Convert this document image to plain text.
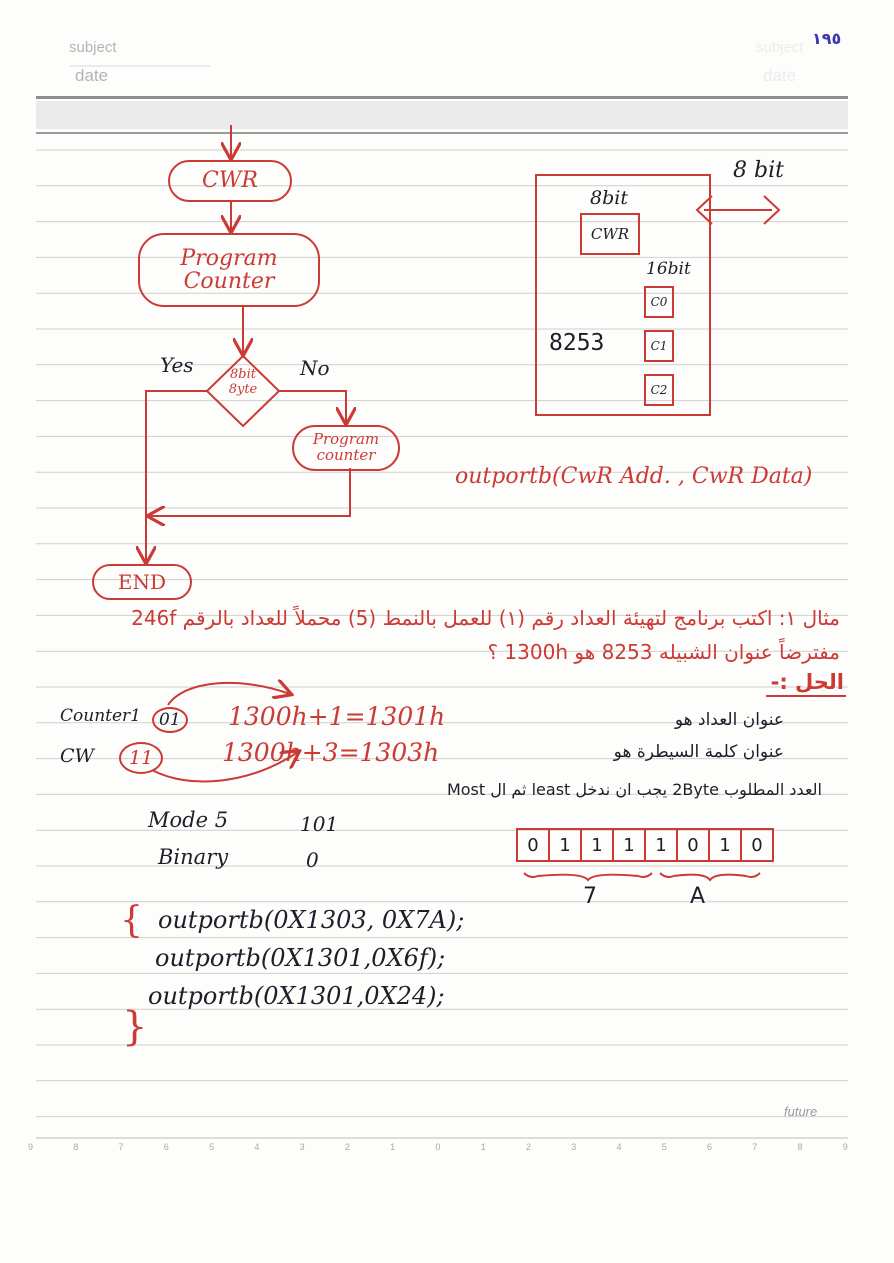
subject
date
subject
date
١٩٥
CWR
Program
Counter
8bit
8yte
Yes	No
Program
counter
END
8 bit
8bit
CWR
16bit
C0
8253	C1
C2
outportb(CwR Add. , CwR Data)
مثال ١: اكتب برنامج لتهيئة العداد رقم (١) للعمل بالنمط (5) محملاً للعداد بالرقم 246f
مفترضاً عنوان الشبيله 8253 هو 1300h ؟
الحل :-
Counter1	01 1300h+1=1301h	عنوان العداد هو
CW	11	1300h+3=1303h	عنوان كلمة السيطرة هو
العدد المطلوب 2Byte يجب ان ندخل least ثم ال Most
Mode 5	101
Binary	0
0	1	1	1	1	0	1	0
7	A
{ outportb(0X1303, 0X7A);
outportb(0X1301,0X6f);
outportb(0X1301,0X24);
}
9	8	7	6	5	4	3	2	1	0	1	2	3	4	5	6	7	8	9
future
